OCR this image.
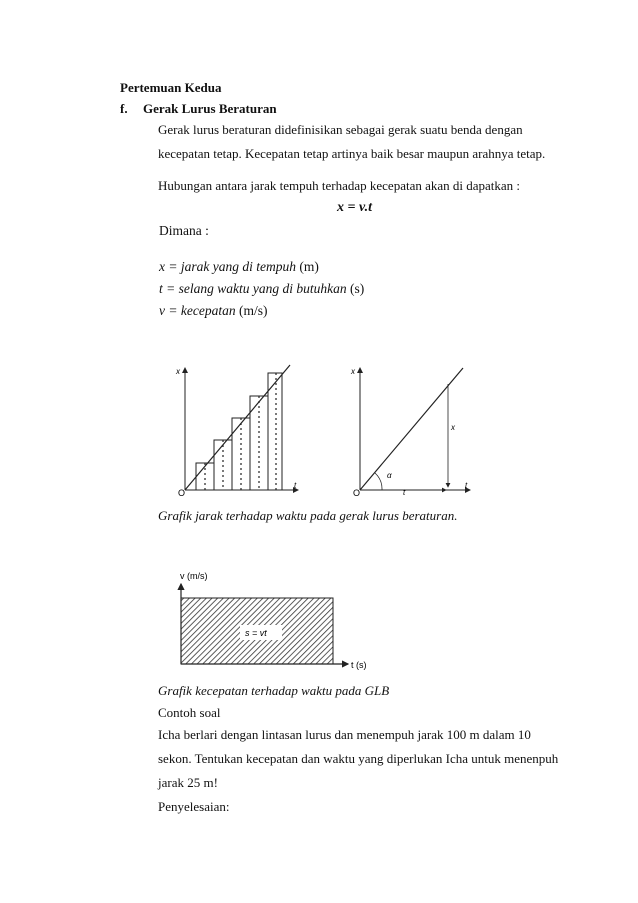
Pertemuan Kedua
f. Gerak Lurus Beraturan
Gerak lurus beraturan didefinisikan sebagai gerak suatu benda dengan
kecepatan tetap. Kecepatan tetap artinya baik besar maupun arahnya tetap.
Hubungan antara jarak tempuh terhadap kecepatan akan di dapatkan :
x = v.t
Dimana :
x = jarak yang di tempuh (m)
t = selang waktu yang di butuhkan (s)
v = kecepatan (m/s)
x
t
O
x
t
O
α
x
t
Grafik jarak terhadap waktu pada gerak lurus beraturan.
v (m/s)
s = vt
t (s)
Grafik kecepatan terhadap waktu pada GLB
Contoh soal
Icha berlari dengan lintasan lurus dan menempuh jarak 100 m dalam 10
sekon. Tentukan kecepatan dan waktu yang diperlukan Icha untuk menenpuh
jarak 25 m!
Penyelesaian:
